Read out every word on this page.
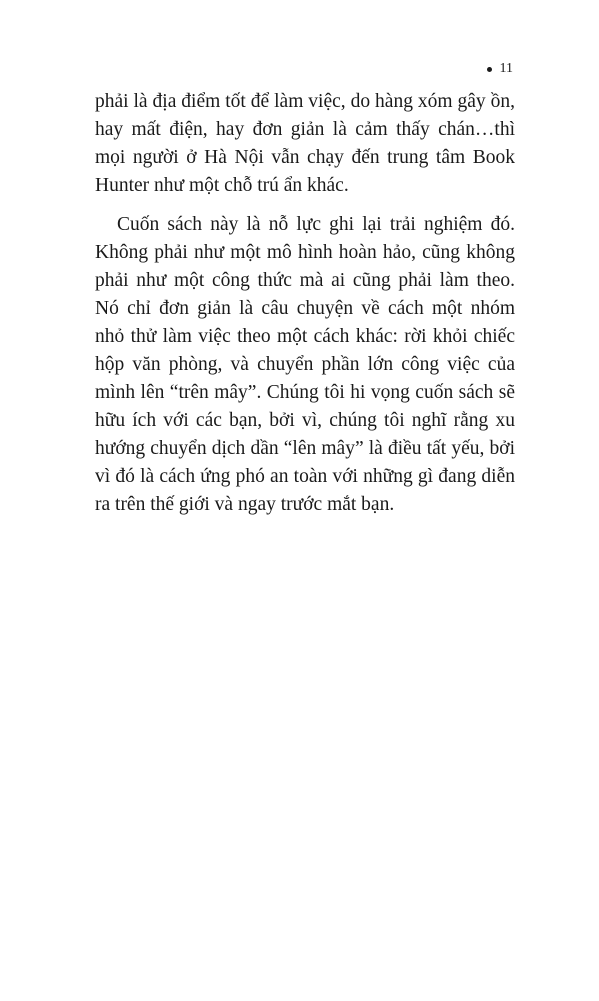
11

phải là địa điểm tốt để làm việc, do hàng xóm gây ồn, hay mất điện, hay đơn giản là cảm thấy chán…thì mọi người ở Hà Nội vẫn chạy đến trung tâm Book Hunter như một chỗ trú ẩn khác.

Cuốn sách này là nỗ lực ghi lại trải nghiệm đó. Không phải như một mô hình hoàn hảo, cũng không phải như một công thức mà ai cũng phải làm theo. Nó chỉ đơn giản là câu chuyện về cách một nhóm nhỏ thử làm việc theo một cách khác: rời khỏi chiếc hộp văn phòng, và chuyển phần lớn công việc của mình lên “trên mây”. Chúng tôi hi vọng cuốn sách sẽ hữu ích với các bạn, bởi vì, chúng tôi nghĩ rằng xu hướng chuyển dịch dần “lên mây” là điều tất yếu, bởi vì đó là cách ứng phó an toàn với những gì đang diễn ra trên thế giới và ngay trước mắt bạn.
